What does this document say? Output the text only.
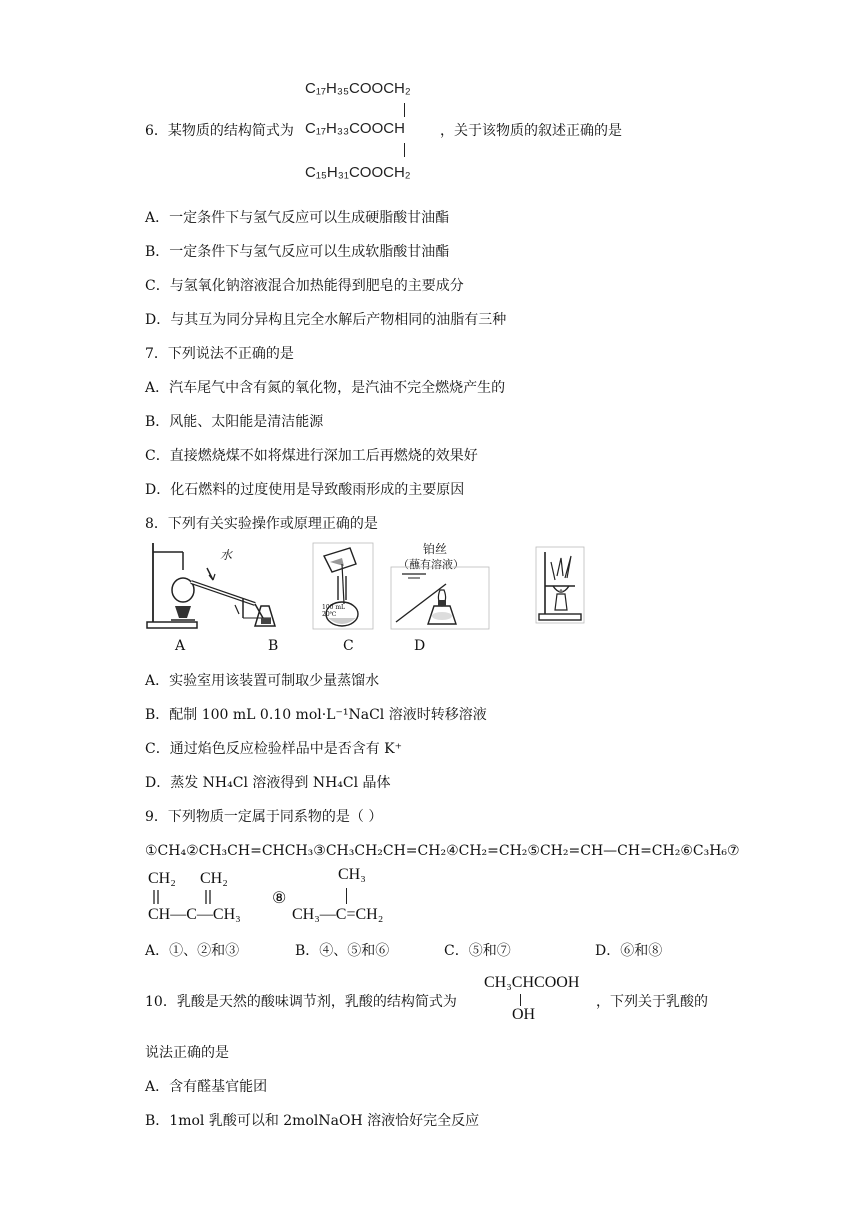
C₁₇H₃₅COOCH₂
6．某物质的结构简式为 C₁₇H₃₃COOCH	，关于该物质的叙述正确的是
C₁₅H₃₁COOCH₂
A．一定条件下与氢气反应可以生成硬脂酸甘油酯
B．一定条件下与氢气反应可以生成软脂酸甘油酯
C．与氢氧化钠溶液混合加热能得到肥皂的主要成分
D．与其互为同分异构且完全水解后产物相同的油脂有三种
7．下列说法不正确的是
A．汽车尾气中含有氮的氧化物，是汽油不完全燃烧产生的
B．风能、太阳能是清洁能源
C．直接燃烧煤不如将煤进行深加工后再燃烧的效果好
D．化石燃料的过度使用是导致酸雨形成的主要原因
8．下列有关实验操作或原理正确的是
水
100 mL 20℃
铂丝
（蘸有溶液）
A	B	C	D
A．实验室用该装置可制取少量蒸馏水
B．配制 100 mL 0.10 mol·L⁻¹NaCl 溶液时转移溶液
C．通过焰色反应检验样品中是否含有 K⁺
D．蒸发 NH₄Cl 溶液得到 NH₄Cl 晶体
9．下列物质一定属于同系物的是（ ）
①CH₄②CH₃CH=CHCH₃③CH₃CH₂CH=CH₂④CH₂=CH₂⑤CH₂=CH—CH=CH₂⑥C₃H₆⑦
CH₂ CH₂
CH—C—CH₃
⑧
CH₃
CH₃—C=CH₂
A．①、②和③	B．④、⑤和⑥	C．⑤和⑦	D．⑥和⑧
10．乳酸是天然的酸味调节剂，乳酸的结构简式为
CH₃CHCOOH
OH
，下列关于乳酸的
说法正确的是
A．含有醛基官能团
B．1mol 乳酸可以和 2molNaOH 溶液恰好完全反应
